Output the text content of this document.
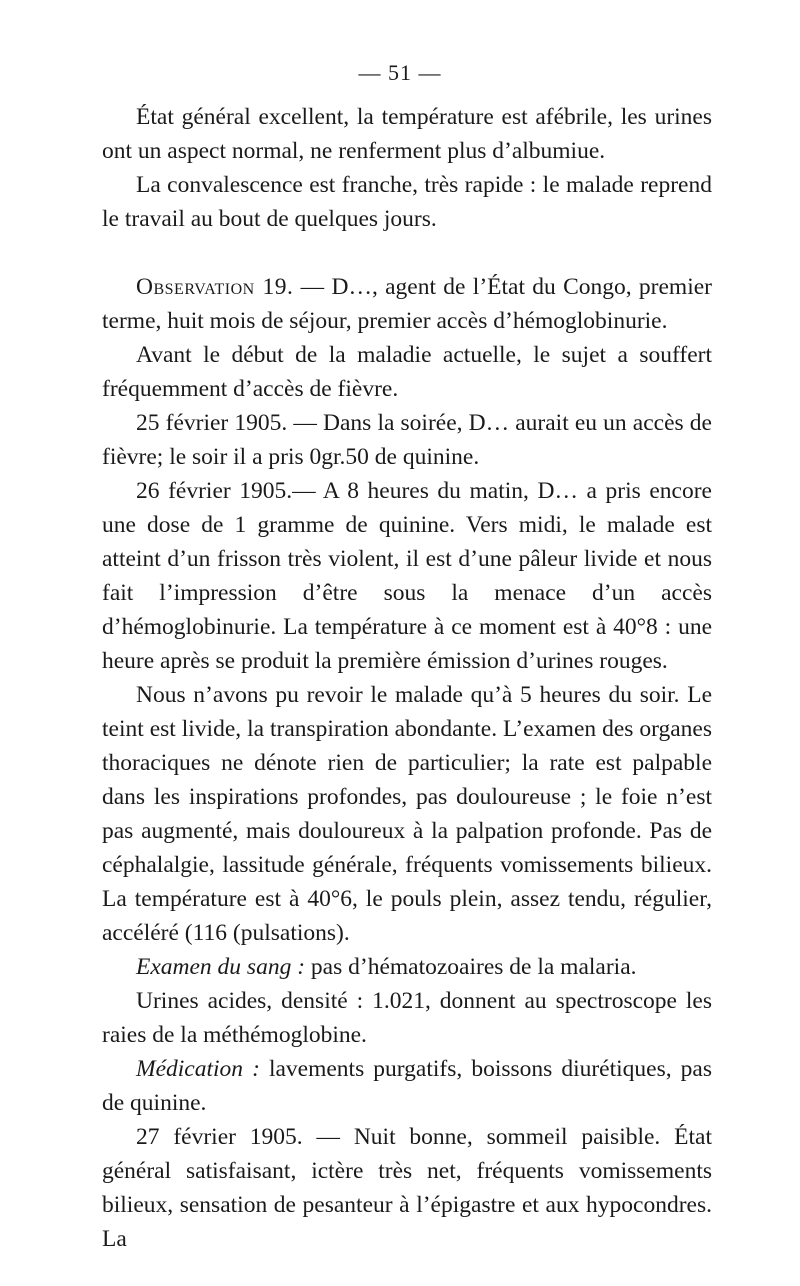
— 51 —

État général excellent, la température est afébrile, les urines ont un aspect normal, ne renferment plus d’albumiue.

La convalescence est franche, très rapide : le malade reprend le travail au bout de quelques jours.

Observation 19. — D…, agent de l’État du Congo, premier terme, huit mois de séjour, premier accès d’hémoglobinurie.

Avant le début de la maladie actuelle, le sujet a souffert fréquemment d’accès de fièvre.

25 février 1905. — Dans la soirée, D… aurait eu un accès de fièvre; le soir il a pris 0gr.50 de quinine.

26 février 1905.— A 8 heures du matin, D… a pris encore une dose de 1 gramme de quinine. Vers midi, le malade est atteint d’un frisson très violent, il est d’une pâleur livide et nous fait l’impression d’être sous la menace d’un accès d’hémoglobinurie. La température à ce moment est à 40°8 : une heure après se produit la première émission d’urines rouges.

Nous n’avons pu revoir le malade qu’à 5 heures du soir. Le teint est livide, la transpiration abondante. L’examen des organes thoraciques ne dénote rien de particulier; la rate est palpable dans les inspirations profondes, pas douloureuse ; le foie n’est pas augmenté, mais douloureux à la palpation profonde. Pas de céphalalgie, lassitude générale, fréquents vomissements bilieux. La température est à 40°6, le pouls plein, assez tendu, régulier, accéléré (116 (pulsations).

Examen du sang : pas d’hématozoaires de la malaria.

Urines acides, densité : 1.021, donnent au spectroscope les raies de la méthémoglobine.

Médication : lavements purgatifs, boissons diurétiques, pas de quinine.

27 février 1905. — Nuit bonne, sommeil paisible. État général satisfaisant, ictère très net, fréquents vomissements bilieux, sensation de pesanteur à l’épigastre et aux hypocondres. La
